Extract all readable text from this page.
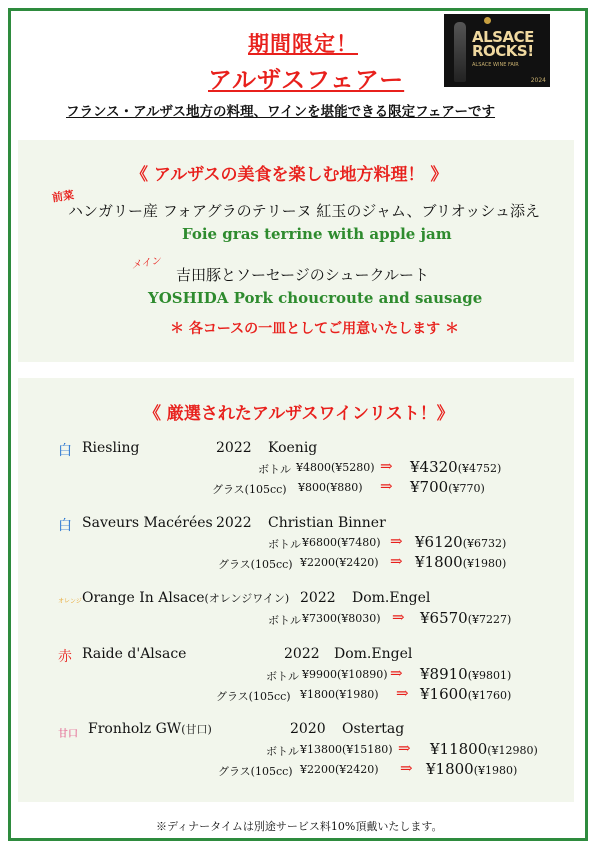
期間限定！
アルザスフェアー
ALSACE
ROCKS!
ALSACE WINE FAIR
2024
フランス・アルザス地方の料理、ワインを堪能できる限定フェアーです
《 アルザスの美食を楽しむ地方料理！ 》
前菜
ハンガリー産 フォアグラのテリーヌ 紅玉のジャム、ブリオッシュ添え
Foie gras terrine with apple jam
メイン
吉田豚とソーセージのシュークルート
YOSHIDA Pork choucroute and sausage
＊ 各コースの一皿としてご用意いたします ＊
《 厳選されたアルザスワインリスト！》
白 Riesling	2022 Koenig
ボトル ¥4800(¥5280) ⇒ ¥4320(¥4752)
グラス(105cc) ¥800(¥880) ⇒ ¥700(¥770)
白 Saveurs Macérées 2022 Christian Binner
ボトル ¥6800(¥7480) ⇒ ¥6120(¥6732)
グラス(105cc) ¥2200(¥2420) ⇒ ¥1800(¥1980)
オレンジ Orange In Alsace(オレンジワイン) 2022 Dom.Engel
ボトル ¥7300(¥8030) ⇒ ¥6570(¥7227)
赤 Raide d'Alsace	2022 Dom.Engel
ボトル ¥9900(¥10890) ⇒ ¥8910(¥9801)
グラス(105cc) ¥1800(¥1980) ⇒ ¥1600(¥1760)
甘口 Fronholz GW(甘口)	2020 Ostertag
ボトル ¥13800(¥15180) ⇒ ¥11800(¥12980)
グラス(105cc) ¥2200(¥2420) ⇒ ¥1800(¥1980)
※ディナータイムは別途サービス料10%頂戴いたします。
